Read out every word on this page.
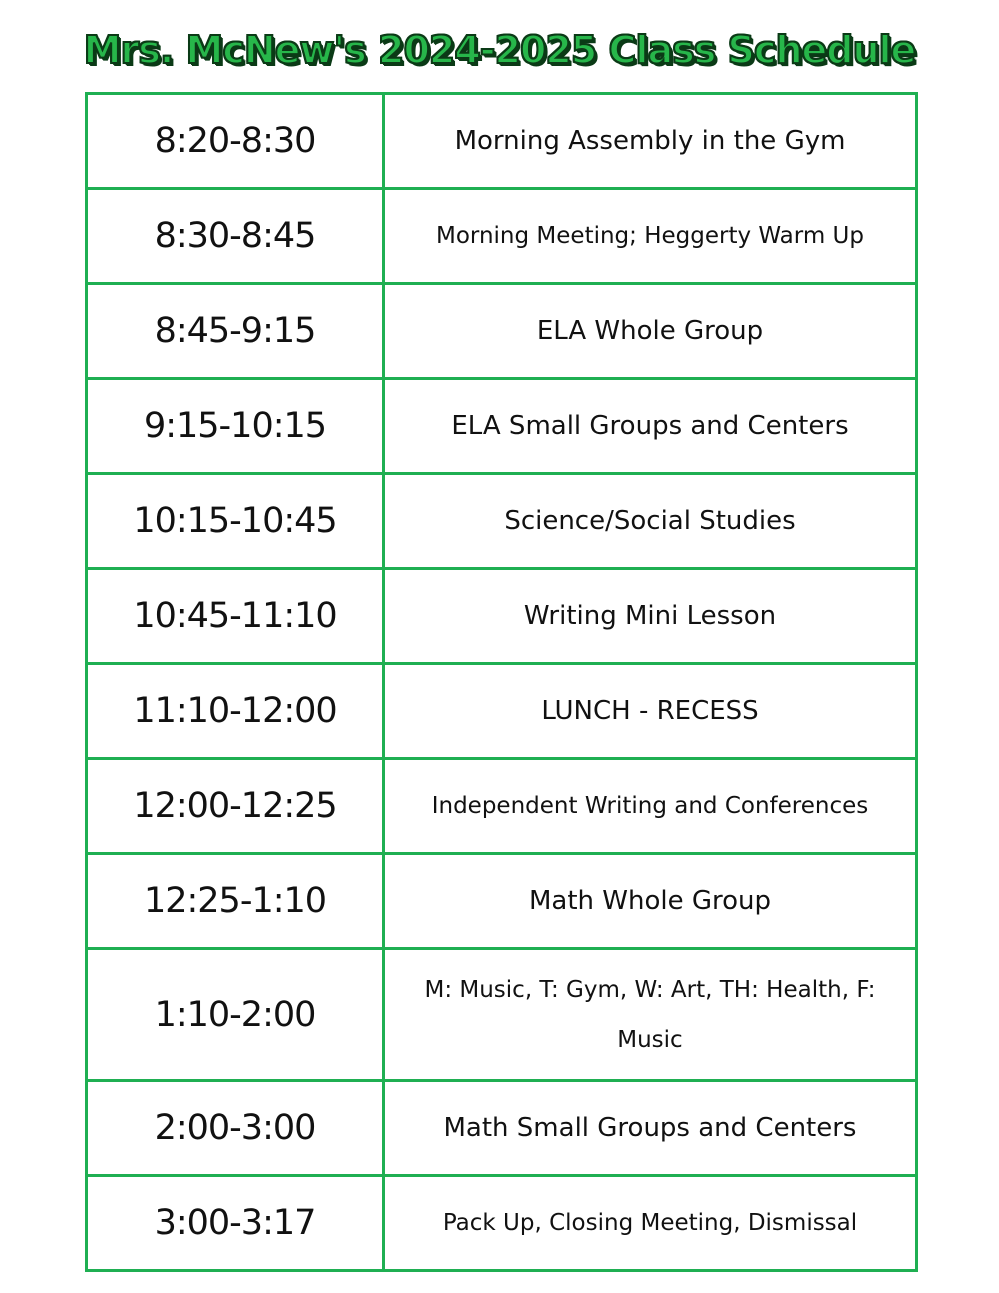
Mrs. McNew's 2024-2025 Class Schedule
8:20-8:30	Morning Assembly in the Gym
8:30-8:45	Morning Meeting; Heggerty Warm Up
8:45-9:15	ELA Whole Group
9:15-10:15	ELA Small Groups and Centers
10:15-10:45	Science/Social Studies
10:45-11:10	Writing Mini Lesson
11:10-12:00	LUNCH - RECESS
12:00-12:25	Independent Writing and Conferences
12:25-1:10	Math Whole Group
1:10-2:00	M: Music, T: Gym, W: Art, TH: Health, F: Music
2:00-3:00	Math Small Groups and Centers
3:00-3:17	Pack Up, Closing Meeting, Dismissal
